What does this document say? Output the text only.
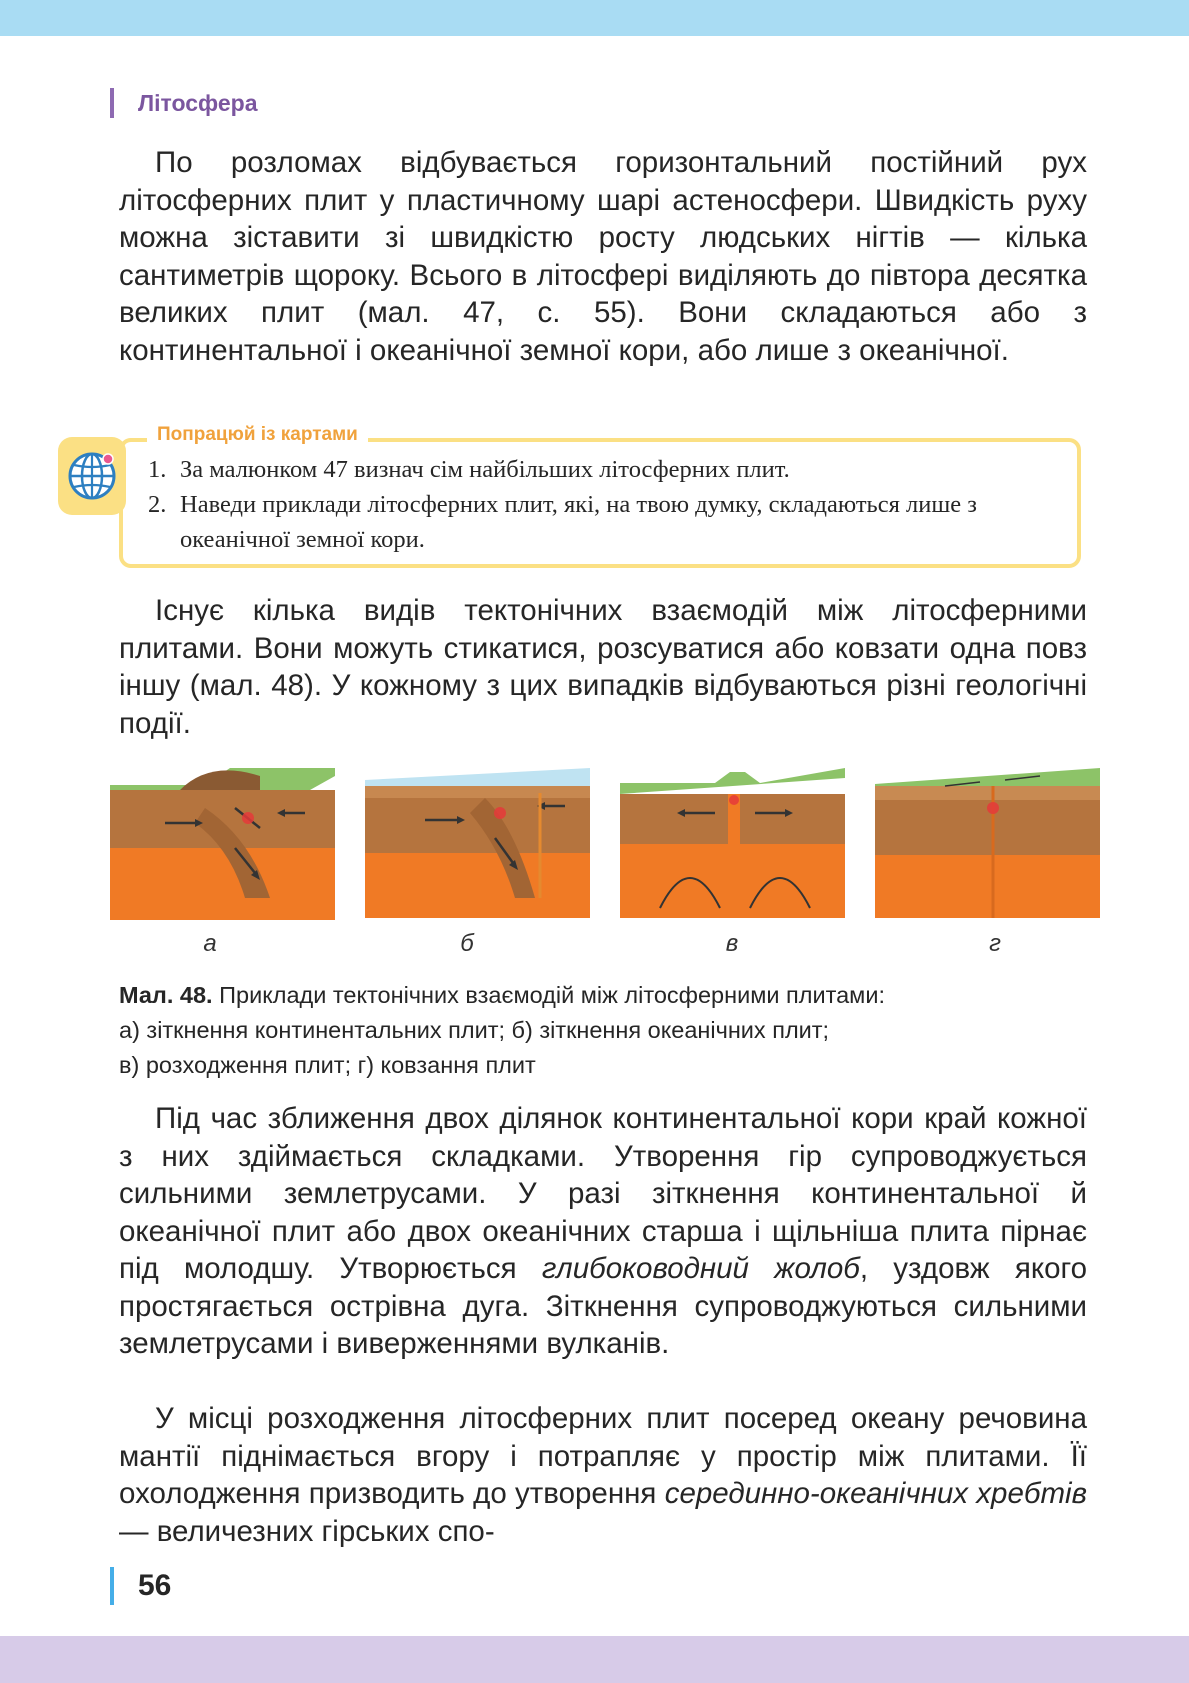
Літосфера

По розломах відбувається горизонтальний постійний рух літосферних плит у пластичному шарі астеносфери. Швидкість руху можна зіставити зі швидкістю росту людських нігтів — кілька сантиметрів щороку. Всього в літосфері виділяють до півтора десятка великих плит (мал. 47, с. 55). Вони складаються або з континентальної і океанічної земної кори, або лише з океанічної.

Попрацюй із картами
1. За малюнком 47 визнач сім найбільших літосферних плит.
2. Наведи приклади літосферних плит, які, на твою думку, складаються лише з океанічної земної кори.

Існує кілька видів тектонічних взаємодій між літосферними плитами. Вони можуть стикатися, розсуватися або ковзати одна повз іншу (мал. 48). У кожному з цих випадків відбуваються різні геологічні події.

а	б	в	г

Мал. 48. Приклади тектонічних взаємодій між літосферними плитами:
а) зіткнення континентальних плит; б) зіткнення океанічних плит;
в) розходження плит; г) ковзання плит

Під час зближення двох ділянок континентальної кори край кожної з них здіймається складками. Утворення гір супроводжується сильними землетрусами. У разі зіткнення континентальної й океанічної плит або двох океанічних старша і щільніша плита пірнає під молодшу. Утворюється глибоководний жолоб, уздовж якого простягається острівна дуга. Зіткнення супроводжуються сильними землетрусами і виверженнями вулканів.

У місці розходження літосферних плит посеред океану речовина мантії піднімається вгору і потрапляє у простір між плитами. Її охолодження призводить до утворення серединно-океанічних хребтів — величезних гірських спо-

56
